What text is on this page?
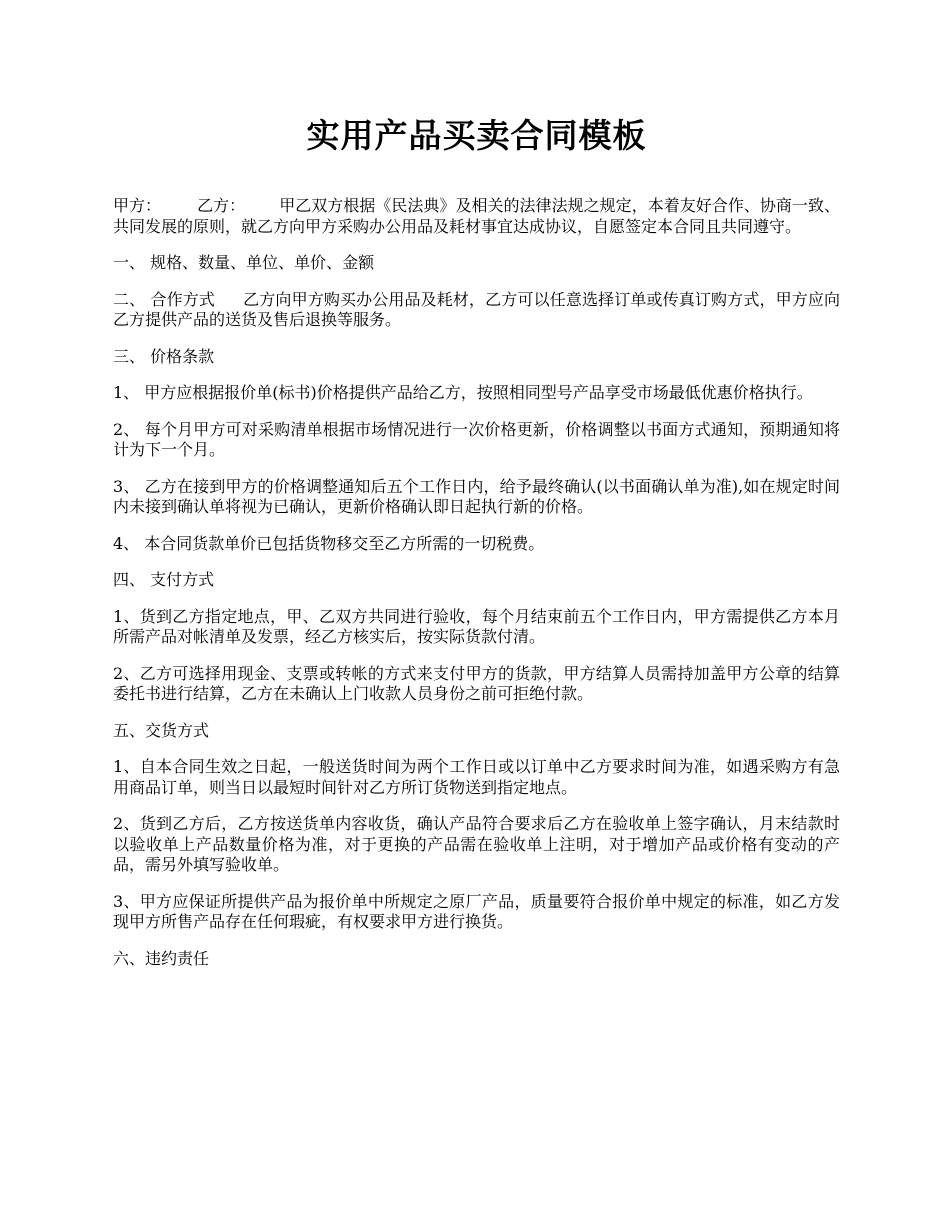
实用产品买卖合同模板

甲方： 乙方： 甲乙双方根据《民法典》及相关的法律法规之规定，本着友好合作、协商一致、共同发展的原则，就乙方向甲方采购办公用品及耗材事宜达成协议，自愿签定本合同且共同遵守。

一、 规格、数量、单位、单价、金额

二、 合作方式 乙方向甲方购买办公用品及耗材，乙方可以任意选择订单或传真订购方式，甲方应向乙方提供产品的送货及售后退换等服务。

三、 价格条款

1、 甲方应根据报价单(标书)价格提供产品给乙方，按照相同型号产品享受市场最低优惠价格执行。

2、 每个月甲方可对采购清单根据市场情况进行一次价格更新，价格调整以书面方式通知，预期通知将计为下一个月。

3、 乙方在接到甲方的价格调整通知后五个工作日内，给予最终确认(以书面确认单为准),如在规定时间内未接到确认单将视为已确认，更新价格确认即日起执行新的价格。

4、 本合同货款单价已包括货物移交至乙方所需的一切税费。

四、 支付方式

1、货到乙方指定地点，甲、乙双方共同进行验收，每个月结束前五个工作日内，甲方需提供乙方本月所需产品对帐清单及发票，经乙方核实后，按实际货款付清。

2、乙方可选择用现金、支票或转帐的方式来支付甲方的货款，甲方结算人员需持加盖甲方公章的结算委托书进行结算，乙方在未确认上门收款人员身份之前可拒绝付款。

五、交货方式

1、自本合同生效之日起，一般送货时间为两个工作日或以订单中乙方要求时间为准，如遇采购方有急用商品订单，则当日以最短时间针对乙方所订货物送到指定地点。

2、货到乙方后，乙方按送货单内容收货，确认产品符合要求后乙方在验收单上签字确认，月末结款时以验收单上产品数量价格为准，对于更换的产品需在验收单上注明，对于增加产品或价格有变动的产品，需另外填写验收单。

3、甲方应保证所提供产品为报价单中所规定之原厂产品，质量要符合报价单中规定的标准，如乙方发现甲方所售产品存在任何瑕疵，有权要求甲方进行换货。

六、违约责任
